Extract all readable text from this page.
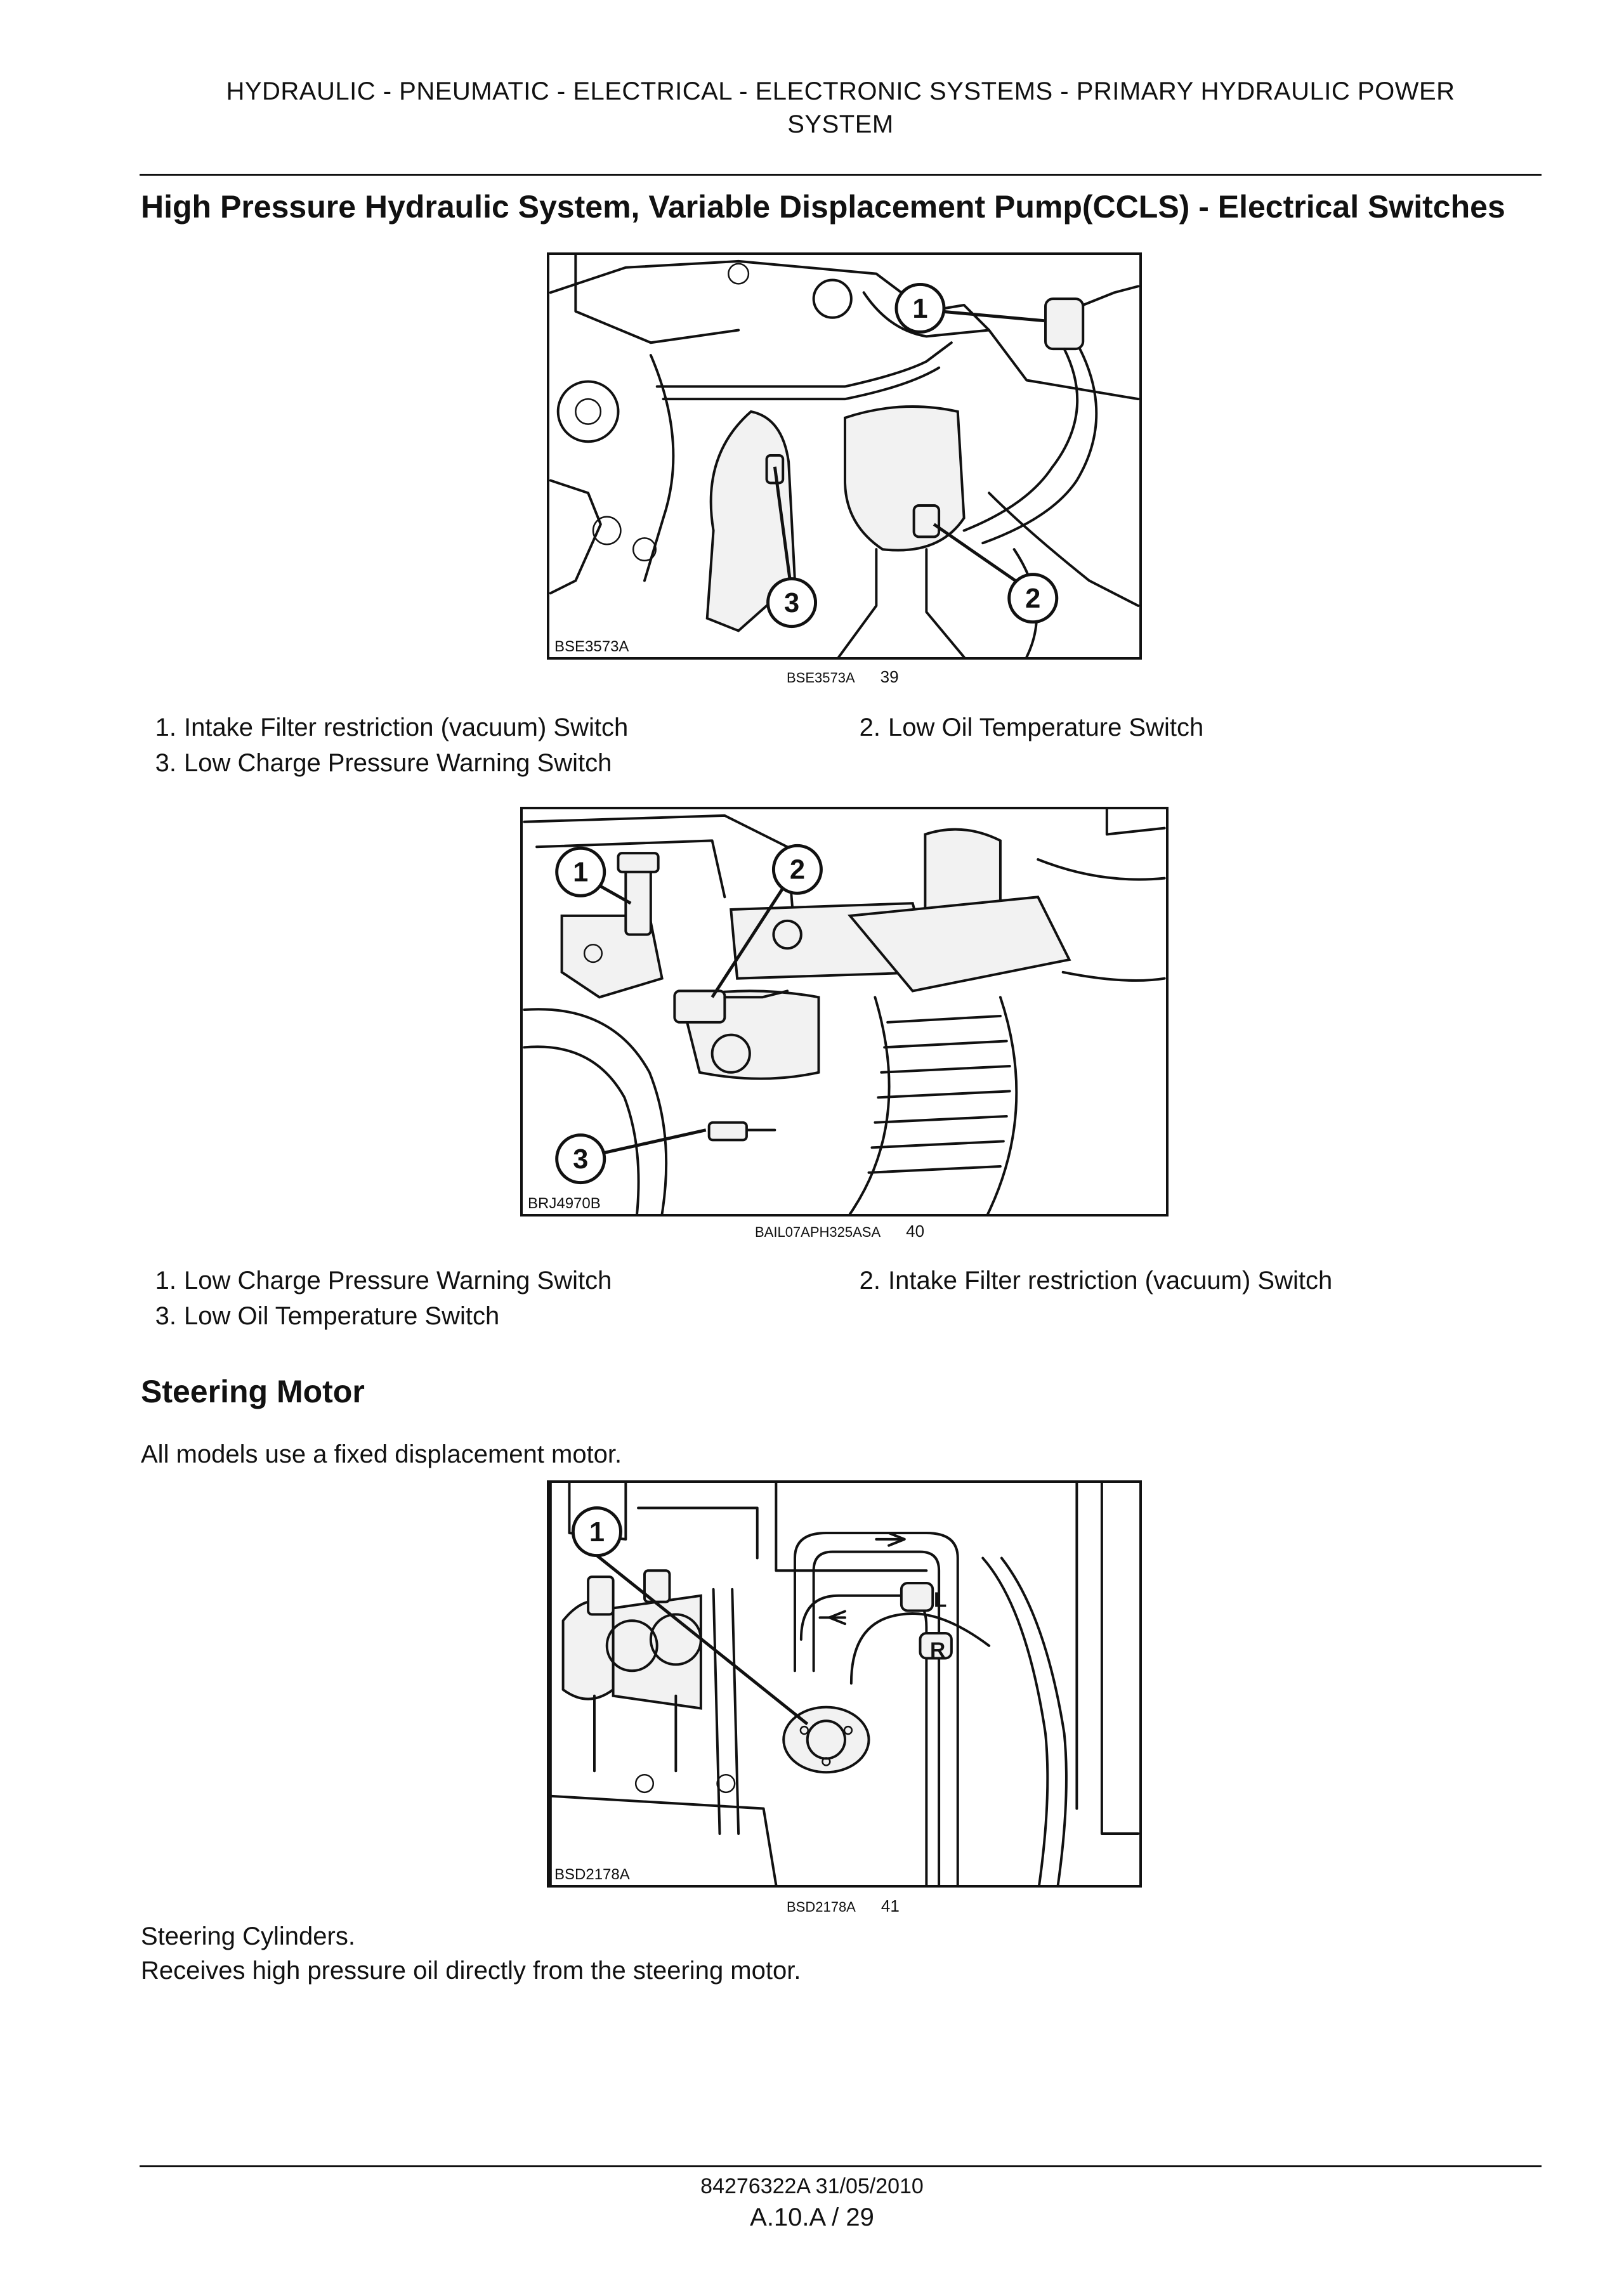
HYDRAULIC - PNEUMATIC - ELECTRICAL - ELECTRONIC SYSTEMS - PRIMARY HYDRAULIC POWER
SYSTEM
High Pressure Hydraulic System, Variable Displacement Pump(CCLS) - Electrical Switches
1
2
3
BSE3573A
BSE3573A 39
1. Intake Filter restriction (vacuum) Switch	2. Low Oil Temperature Switch
3. Low Charge Pressure Warning Switch
1	2
3
BRJ4970B
BAIL07APH325ASA 40
1. Low Charge Pressure Warning Switch	2. Intake Filter restriction (vacuum) Switch
3. Low Oil Temperature Switch
Steering Motor
All models use a fixed displacement motor.
L
R
1
BSD2178A
BSD2178A 41
Steering Cylinders.
Receives high pressure oil directly from the steering motor.
84276322A 31/05/2010
A.10.A / 29
